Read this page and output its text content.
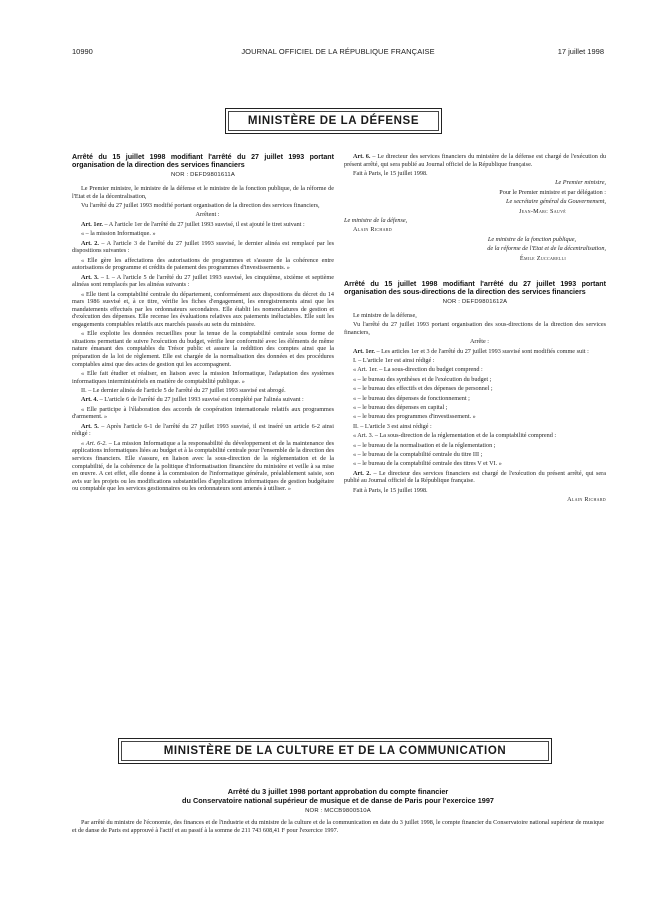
10990	JOURNAL OFFICIEL DE LA RÉPUBLIQUE FRANÇAISE	17 juillet 1998
MINISTÈRE DE LA DÉFENSE
Arrêté du 15 juillet 1998 modifiant l'arrêté du 27 juillet 1993 portant organisation de la direction des services financiers
NOR : DEFD9801611A

Le Premier ministre, le ministre de la défense et le ministre de la fonction publique, de la réforme de l'Etat et de la décentralisation,

Vu l'arrêté du 27 juillet 1993 modifié portant organisation de la direction des services financiers,

Arrêtent :

Art. 1er. – A l'article 1er de l'arrêté du 27 juillet 1993 susvisé, il est ajouté le tiret suivant :

« – la mission Informatique. »

Art. 2. – A l'article 3 de l'arrêté du 27 juillet 1993 susvisé, le dernier alinéa est remplacé par les dispositions suivantes :

« Elle gère les affectations des autorisations de programmes et s'assure de la cohérence entre autorisations de programme et crédits de paiement des programmes d'investissements. »

Art. 3. – I. – A l'article 5 de l'arrêté du 27 juillet 1993 susvisé, les cinquième, sixième et septième alinéas sont remplacés par les alinéas suivants :

« Elle tient la comptabilité centrale du département, conformément aux dispositions du décret du 14 mars 1986 susvisé et, à ce titre, vérifie les fiches d'engagement, les enregistrements ainsi que les mandatements effectués par les ordonnateurs secondaires. Elle établit les nomenclatures de gestion et d'exécution des dépenses. Elle recense les évaluations relatives aux paiements inéluctables. Elle suit les engagements comptables relatifs aux marchés passés au sein du ministère.

« Elle exploite les données recueillies pour la tenue de la comptabilité centrale sous forme de situations permettant de suivre l'exécution du budget, vérifie leur conformité avec les éléments de même nature émanant des comptables du Trésor public et assure la reddition des comptes ainsi que la préparation de la loi de règlement. Elle est chargée de la normalisation des données et des procédures comptables ainsi que des actes de gestion qui les accompagnent.

« Elle fait étudier et réaliser, en liaison avec la mission Informatique, l'adaptation des systèmes informatiques interministériels en matière de comptabilité publique. »

II. – Le dernier alinéa de l'article 5 de l'arrêté du 27 juillet 1993 susvisé est abrogé.

Art. 4. – L'article 6 de l'arrêté du 27 juillet 1993 susvisé est complété par l'alinéa suivant :

« Elle participe à l'élaboration des accords de coopération internationale relatifs aux programmes d'armement. »

Art. 5. – Après l'article 6-1 de l'arrêté du 27 juillet 1993 susvisé, il est inséré un article 6-2 ainsi rédigé :

« Art. 6-2. – La mission Informatique a la responsabilité du développement et de la maintenance des applications informatiques liées au budget et à la comptabilité centrale pour l'ensemble de la direction des services financiers. Elle s'assure, en liaison avec la sous-direction de la réglementation et de la comptabilité, de la cohérence de la politique d'informatisation financière du ministère et veille à sa mise en œuvre. A cet effet, elle donne à la commission de l'informatique générale, préalablement saisie, son avis sur les projets ou les modifications substantielles d'applications informatiques de gestion budgétaire ou comptable que les services gestionnaires ou les ordonnateurs sont amenés à utiliser. »

Art. 6. – Le directeur des services financiers du ministère de la défense est chargé de l'exécution du présent arrêté, qui sera publié au Journal officiel de la République française.

Fait à Paris, le 15 juillet 1998.

Le Premier ministre,

Pour le Premier ministre et par délégation :

Le secrétaire général du Gouvernement,

Jean-Marc Sauvé

Le ministre de la défense,

Alain Richard

Le ministre de la fonction publique,

de la réforme de l'Etat et de la décentralisation,

Émile Zuccarelli

Arrêté du 15 juillet 1998 modifiant l'arrêté du 27 juillet 1993 portant organisation des sous-directions de la direction des services financiers
NOR : DEFD9801612A

Le ministre de la défense,

Vu l'arrêté du 27 juillet 1993 portant organisation des sous-directions de la direction des services financiers,

Arrête :

Art. 1er. – Les articles 1er et 3 de l'arrêté du 27 juillet 1993 susvisé sont modifiés comme suit :

I. – L'article 1er est ainsi rédigé :

« Art. 1er. – La sous-direction du budget comprend :

« – le bureau des synthèses et de l'exécution du budget ;

« – le bureau des effectifs et des dépenses de personnel ;

« – le bureau des dépenses de fonctionnement ;

« – le bureau des dépenses en capital ;

« – le bureau des programmes d'investissement. »

II. – L'article 3 est ainsi rédigé :

« Art. 3. – La sous-direction de la réglementation et de la comptabilité comprend :

« – le bureau de la normalisation et de la réglementation ;

« – le bureau de la comptabilité centrale du titre III ;

« – le bureau de la comptabilité centrale des titres V et VI. »

Art. 2. – Le directeur des services financiers est chargé de l'exécution du présent arrêté, qui sera publié au Journal officiel de la République française.

Fait à Paris, le 15 juillet 1998.

Alain Richard

MINISTÈRE DE LA CULTURE ET DE LA COMMUNICATION
Arrêté du 3 juillet 1998 portant approbation du compte financier
du Conservatoire national supérieur de musique et de danse de Paris pour l'exercice 1997
NOR : MCCB9800510A

Par arrêté du ministre de l'économie, des finances et de l'industrie et du ministre de la culture et de la communication en date du 3 juillet 1998, le compte financier du Conservatoire national supérieur de musique et de danse de Paris est approuvé à l'actif et au passif à la somme de 211 743 608,41 F pour l'exercice 1997.
